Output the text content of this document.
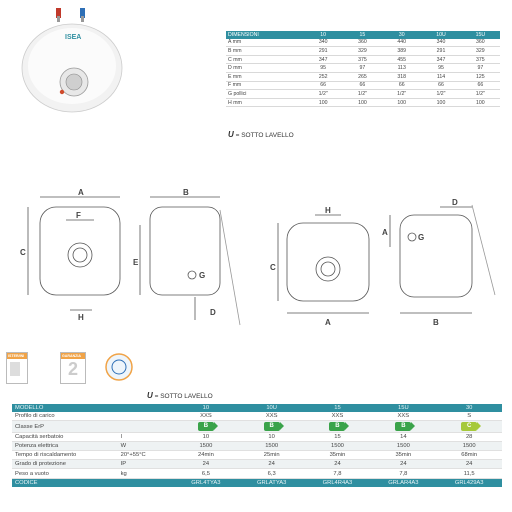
ISEA	DIMENSIONI	10	15	30	10U	15U
A mm	340	360	440	340	360
B mm	291	329	389	291	329
C mm	347	375	455	347	375
D mm	95	97	113	95	97
E mm	252	265	318	114	125
F mm	66	66	66	66	66
G pollici	1/2"	1/2"	1/2"	1/2"	1/2"
H mm	100	100	100	100	100
U = SOTTO LAVELLO
A
C
F
H
B
E
G
D
H
C
A
A
D
G
B
ISTER/INI	GARANZIA
2
U = SOTTO LAVELLO
MODELLO		10	10U	15	15U	30
Profilo di carico		XXS	XXS	XXS	XXS	S
Classe ErP		B	B	B	B	C
Capacità serbatoio	l	10	10	15	14	28
Potenza elettrica	W	1500	1500	1500	1500	1500
Tempo di riscaldamento	20°+55°C	24min	25min	35min	35min	68min
Grado di protezione	IP	24	24	24	24	24
Peso a vuoto	kg	6,5	6,3	7,8	7,8	11,5
CODICE		GRL4TYA3	GRLATYA3	GRL4R4A3	GRLAR4A3	GRL429A3
